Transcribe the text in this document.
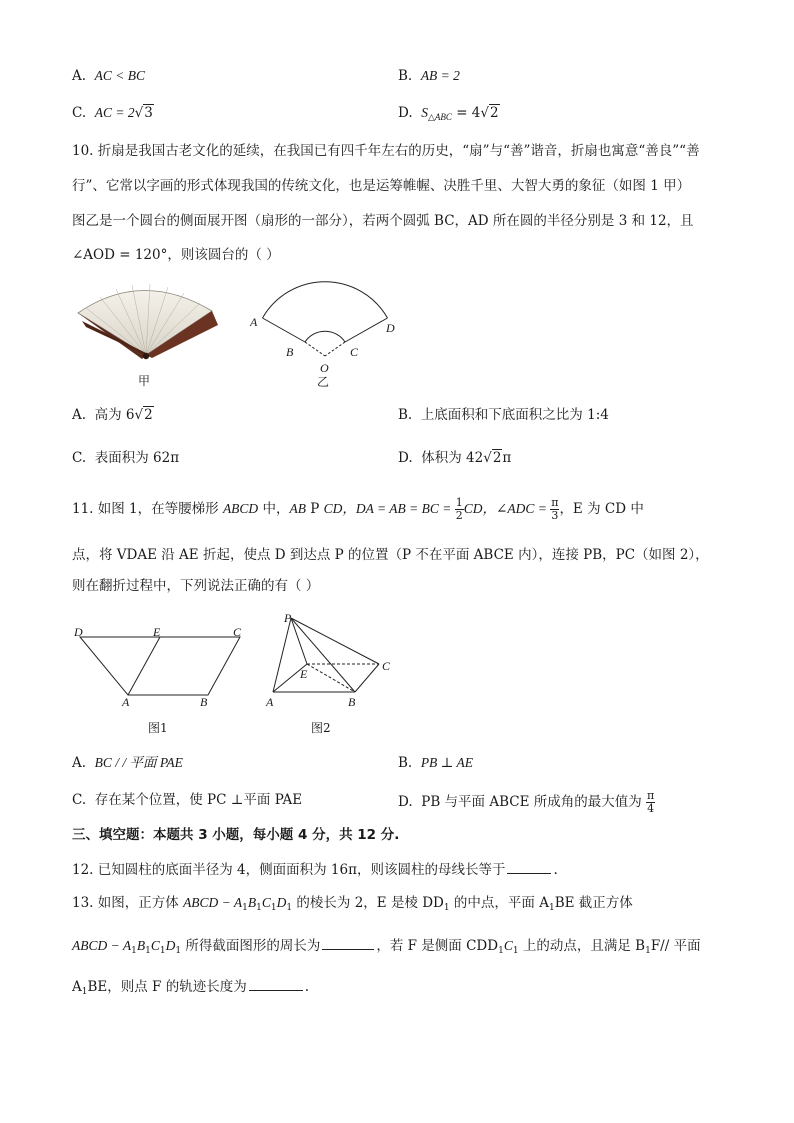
A. AC < BC	B. AB = 2
C. AC = 2√3	D. $S_{\triangle ABC} = 4√2$
10. 折扇是我国古老文化的延续，在我国已有四千年左右的历史，“扇”与“善”谐音，折扇也寓意“善良”“善
行”、它常以字画的形式体现我国的传统文化，也是运筹帷幄、决胜千里、大智大勇的象征（如图 1 甲）
图乙是一个圆台的侧面展开图（扇形的一部分），若两个圆弧 BC，AD 所在圆的半径分别是 3 和 12，且
∠AOD = 120°，则该圆台的（ ）
甲
A	D
B	C
O
乙
A. 高为 6√2	B. 上底面积和下底面积之比为 1:4
C. 表面积为 62π	D. 体积为 42√2π
11. 如图 1，在等腰梯形 ABCD 中，AB P CD，DA = AB = BC = $\frac{1}{2}$ CD，∠ADC = $\frac{\pi}{3}$ ，E 为 CD 中
点，将 VDAE 沿 AE 折起，使点 D 到达点 P 的位置（P 不在平面 ABCE 内），连接 PB，PC（如图 2），
则在翻折过程中，下列说法正确的有（ ）
D	E	C
A	B
图1
P
E
C
A	B
图2
A. BC / / 平面 PAE	B. PB ⊥ AE
C. 存在某个位置，使 PC ⊥平面 PAE	D. PB 与平面 ABCE 所成角的最大值为 $\frac{\pi}{4}$
三、填空题：本题共 3 小题，每小题 4 分，共 12 分.
12. 已知圆柱的底面半径为 4，侧面面积为 16π，则该圆柱的母线长等于	.
13. 如图，正方体 ABCD − $A_1B_1C_1D_1$ 的棱长为 2，E 是棱 $DD_1$ 的中点，平面 $A_1BE$ 截正方体
ABCD − $A_1B_1C_1D_1$ 所得截面图形的周长为	，若 F 是侧面 $CDD_1C_1$ 上的动点，且满足 $B_1F//$ 平面
$A_1BE$，则点 F 的轨迹长度为	.
